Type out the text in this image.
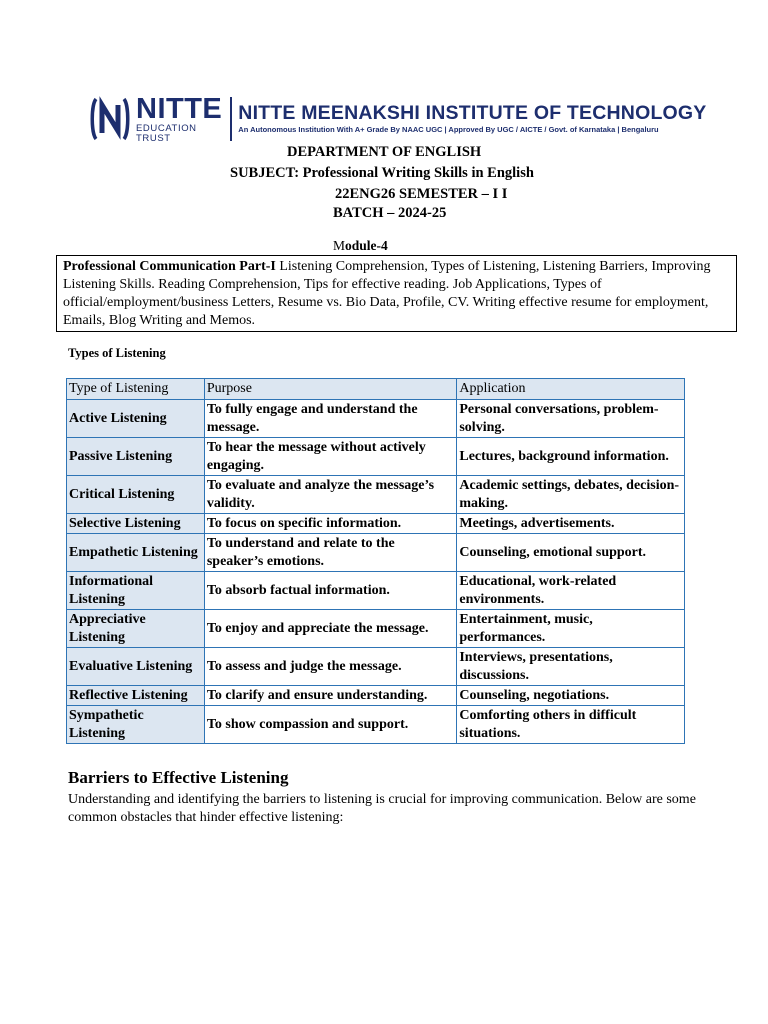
NITTE
EDUCATION TRUST
NITTE MEENAKSHI INSTITUTE OF TECHNOLOGY
An Autonomous Institution With A+ Grade By NAAC UGC | Approved By UGC / AICTE / Govt. of Karnataka | Bengaluru
DEPARTMENT OF ENGLISH
SUBJECT: Professional Writing Skills in English
22ENG26 SEMESTER – I I
BATCH – 2024-25
Module-4
Professional Communication Part-I Listening Comprehension, Types of Listening, Listening Barriers, Improving Listening Skills. Reading Comprehension, Tips for effective reading. Job Applications, Types of official/employment/business Letters, Resume vs. Bio Data, Profile, CV. Writing effective resume for employment, Emails, Blog Writing and Memos.
Types of Listening
Type of Listening	Purpose	Application
Active Listening	To fully engage and understand the message.	Personal conversations, problem-solving.
Passive Listening	To hear the message without actively engaging.	Lectures, background information.
Critical Listening	To evaluate and analyze the message’s validity.	Academic settings, debates, decision-making.
Selective Listening	To focus on specific information.	Meetings, advertisements.
Empathetic Listening	To understand and relate to the speaker’s emotions.	Counseling, emotional support.
Informational Listening	To absorb factual information.	Educational, work-related environments.
Appreciative Listening	To enjoy and appreciate the message.	Entertainment, music, performances.
Evaluative Listening	To assess and judge the message.	Interviews, presentations, discussions.
Reflective Listening	To clarify and ensure understanding.	Counseling, negotiations.
Sympathetic Listening	To show compassion and support.	Comforting others in difficult situations.
Barriers to Effective Listening
Understanding and identifying the barriers to listening is crucial for improving communication. Below are some common obstacles that hinder effective listening:
